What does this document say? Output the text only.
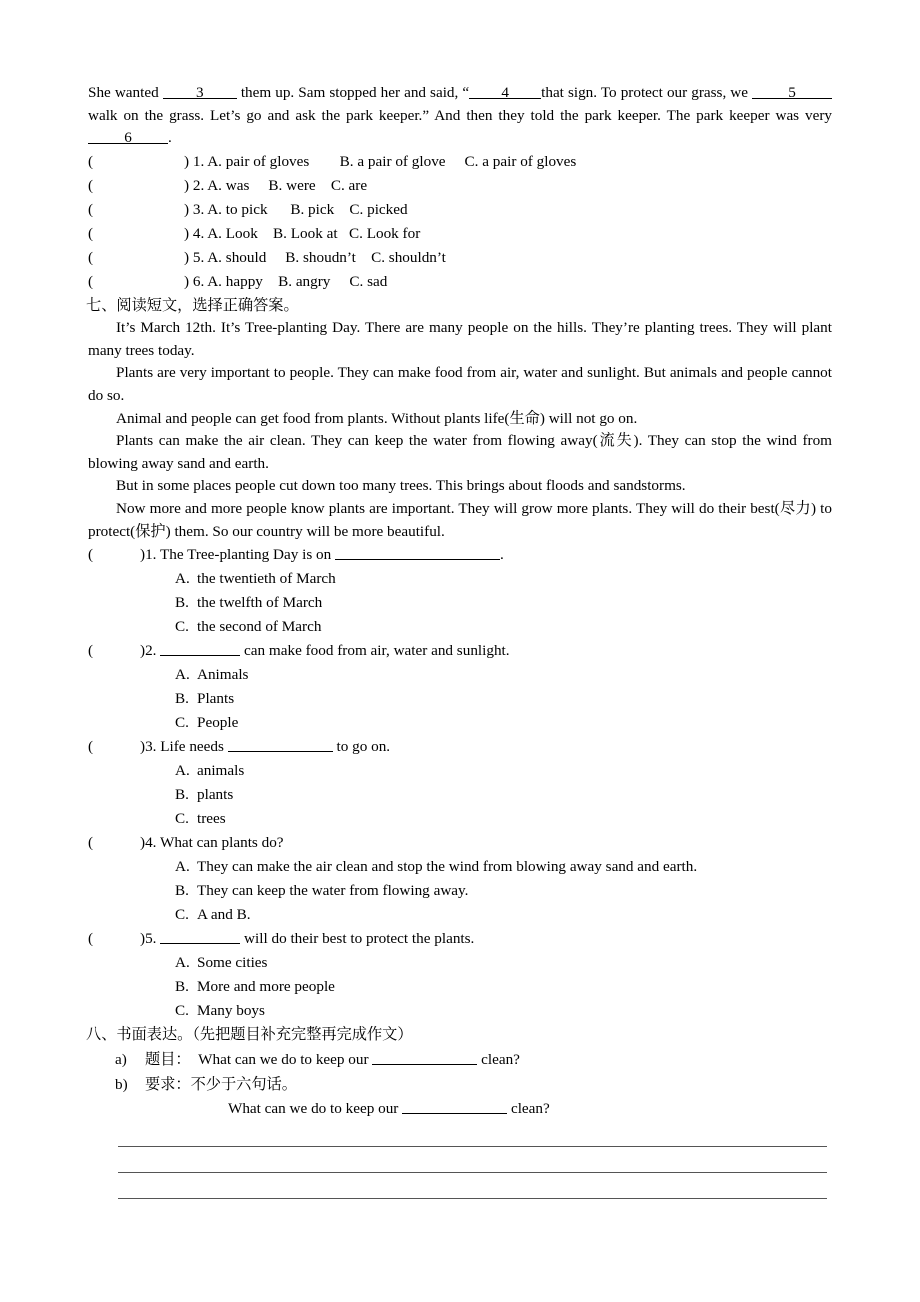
She wanted 3 them up. Sam stopped her and said, “ 4 that sign. To protect our grass, we	5walk on the grass. Let’s go and ask the park keeper.” And then they told the park keeper. The park keeper was very6 .
(	) 1. A. pair of gloves B. a pair of glove C. a pair of gloves
(	) 2. A. was B. were C. are
(	) 3. A. to pick B. pick C. picked
(	) 4. A. Look B. Look at C. Look for
(	) 5. A. should B. shoudn’t C. shouldn’t
(	) 6. A. happy B. angry C. sad
七、阅读短文，选择正确答案。
It’s March 12th. It’s Tree-planting Day. There are many people on the hills. They’re planting trees. They will plant many trees today.
Plants are very important to people. They can make food from air, water and sunlight. But animals and people cannot do so.
Animal and people can get food from plants. Without plants life(生命) will not go on.
Plants can make the air clean. They can keep the water from flowing away(流失). They can stop the wind from blowing away sand and earth.
But in some places people cut down too many trees. This brings about floods and sandstorms.
Now more and more people know plants are important. They will grow more plants. They will do their best(尽力) to protect(保护) them. So our country will be more beautiful.
(	)1. The Tree-planting Day is on	.
A. the twentieth of March
B. the twelfth of March
C. the second of March
(	)2.	can make food from air, water and sunlight.
A. Animals
B. Plants
C. People
(	)3. Life needs	to go on.
A. animals
B. plants
C. trees
(	)4. What can plants do?
A. They can make the air clean and stop the wind from blowing away sand and earth.
B. They can keep the water from flowing away.
C. A and B.
(	)5.	will do their best to protect the plants.
A. Some cities
B. More and more people
C. Many boys
八、书面表达。（先把题目补充完整再完成作文）
a) 题目： What can we do to keep our	clean?
b) 要求：不少于六句话。
What can we do to keep our	clean?
